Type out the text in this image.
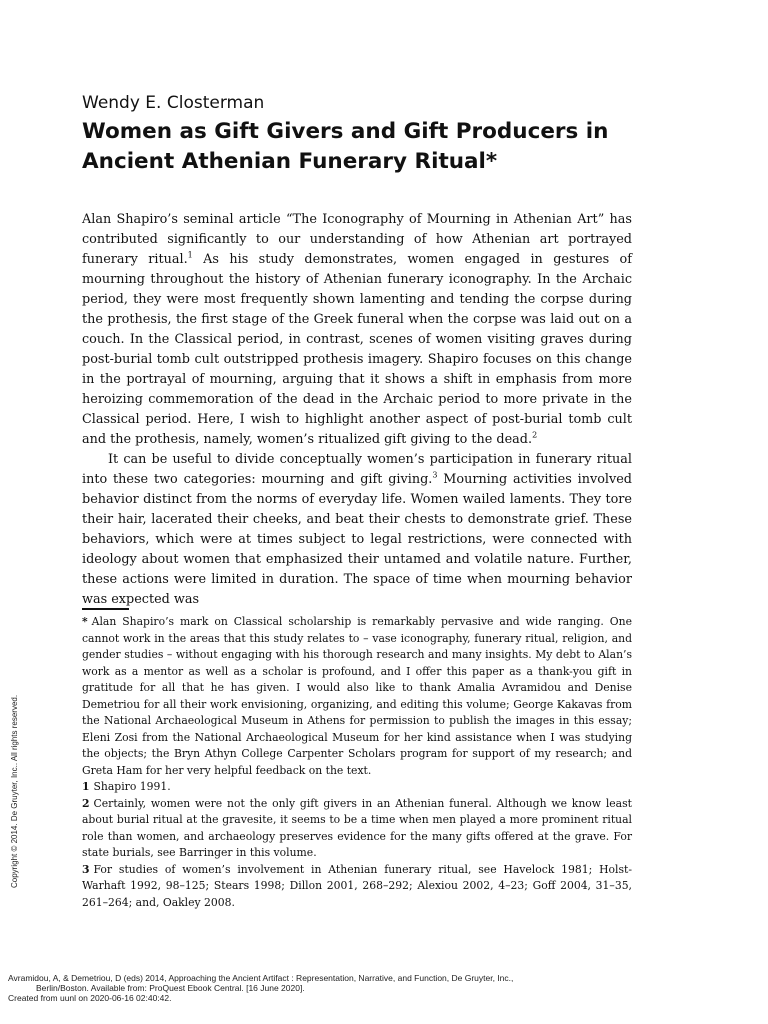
Wendy E. Closterman
Women as Gift Givers and Gift Producers in Ancient Athenian Funerary Ritual*

Alan Shapiro’s seminal article “The Iconography of Mourning in Athenian Art” has contributed significantly to our understanding of how Athenian art portrayed funerary ritual.$^1$ As his study demonstrates, women engaged in gestures of mourning throughout the history of Athenian funerary iconography. In the Archaic period, they were most frequently shown lamenting and tending the corpse during the prothesis, the first stage of the Greek funeral when the corpse was laid out on a couch. In the Classical period, in contrast, scenes of women visiting graves during post-burial tomb cult outstripped prothesis imagery. Shapiro focuses on this change in the portrayal of mourning, arguing that it shows a shift in emphasis from more heroizing commemoration of the dead in the Archaic period to more private in the Classical period. Here, I wish to highlight another aspect of post-burial tomb cult and the prothesis, namely, women’s ritualized gift giving to the dead.$^2$

It can be useful to divide conceptually women’s participation in funerary ritual into these two categories: mourning and gift giving.$^3$ Mourning activities involved behavior distinct from the norms of everyday life. Women wailed laments. They tore their hair, lacerated their cheeks, and beat their chests to demonstrate grief. These behaviors, which were at times subject to legal restrictions, were connected with ideology about women that emphasized their untamed and volatile nature. Further, these actions were limited in duration. The space of time when mourning behavior was expected was

* Alan Shapiro’s mark on Classical scholarship is remarkably pervasive and wide ranging. One cannot work in the areas that this study relates to – vase iconography, funerary ritual, religion, and gender studies – without engaging with his thorough research and many insights. My debt to Alan’s work as a mentor as well as a scholar is profound, and I offer this paper as a thank-you gift in gratitude for all that he has given. I would also like to thank Amalia Avramidou and Denise Demetriou for all their work envisioning, organizing, and editing this volume; George Kakavas from the National Archaeological Museum in Athens for permission to publish the images in this essay; Eleni Zosi from the National Archaeological Museum for her kind assistance when I was studying the objects; the Bryn Athyn College Carpenter Scholars program for support of my research; and Greta Ham for her very helpful feedback on the text.

1 Shapiro 1991.

2 Certainly, women were not the only gift givers in an Athenian funeral. Although we know least about burial ritual at the gravesite, it seems to be a time when men played a more prominent ritual role than women, and archaeology preserves evidence for the many gifts offered at the grave. For state burials, see Barringer in this volume.

3 For studies of women’s involvement in Athenian funerary ritual, see Havelock 1981; Holst-Warhaft 1992, 98–125; Stears 1998; Dillon 2001, 268–292; Alexiou 2002, 4–23; Goff 2004, 31–35, 261–264; and, Oakley 2008.

Copyright © 2014. De Gruyter, Inc.. All rights reserved.
Avramidou, A, & Demetriou, D (eds) 2014, Approaching the Ancient Artifact : Representation, Narrative, and Function, De Gruyter, Inc.,
Berlin/Boston. Available from: ProQuest Ebook Central. [16 June 2020].
Created from uunl on 2020-06-16 02:40:42.
